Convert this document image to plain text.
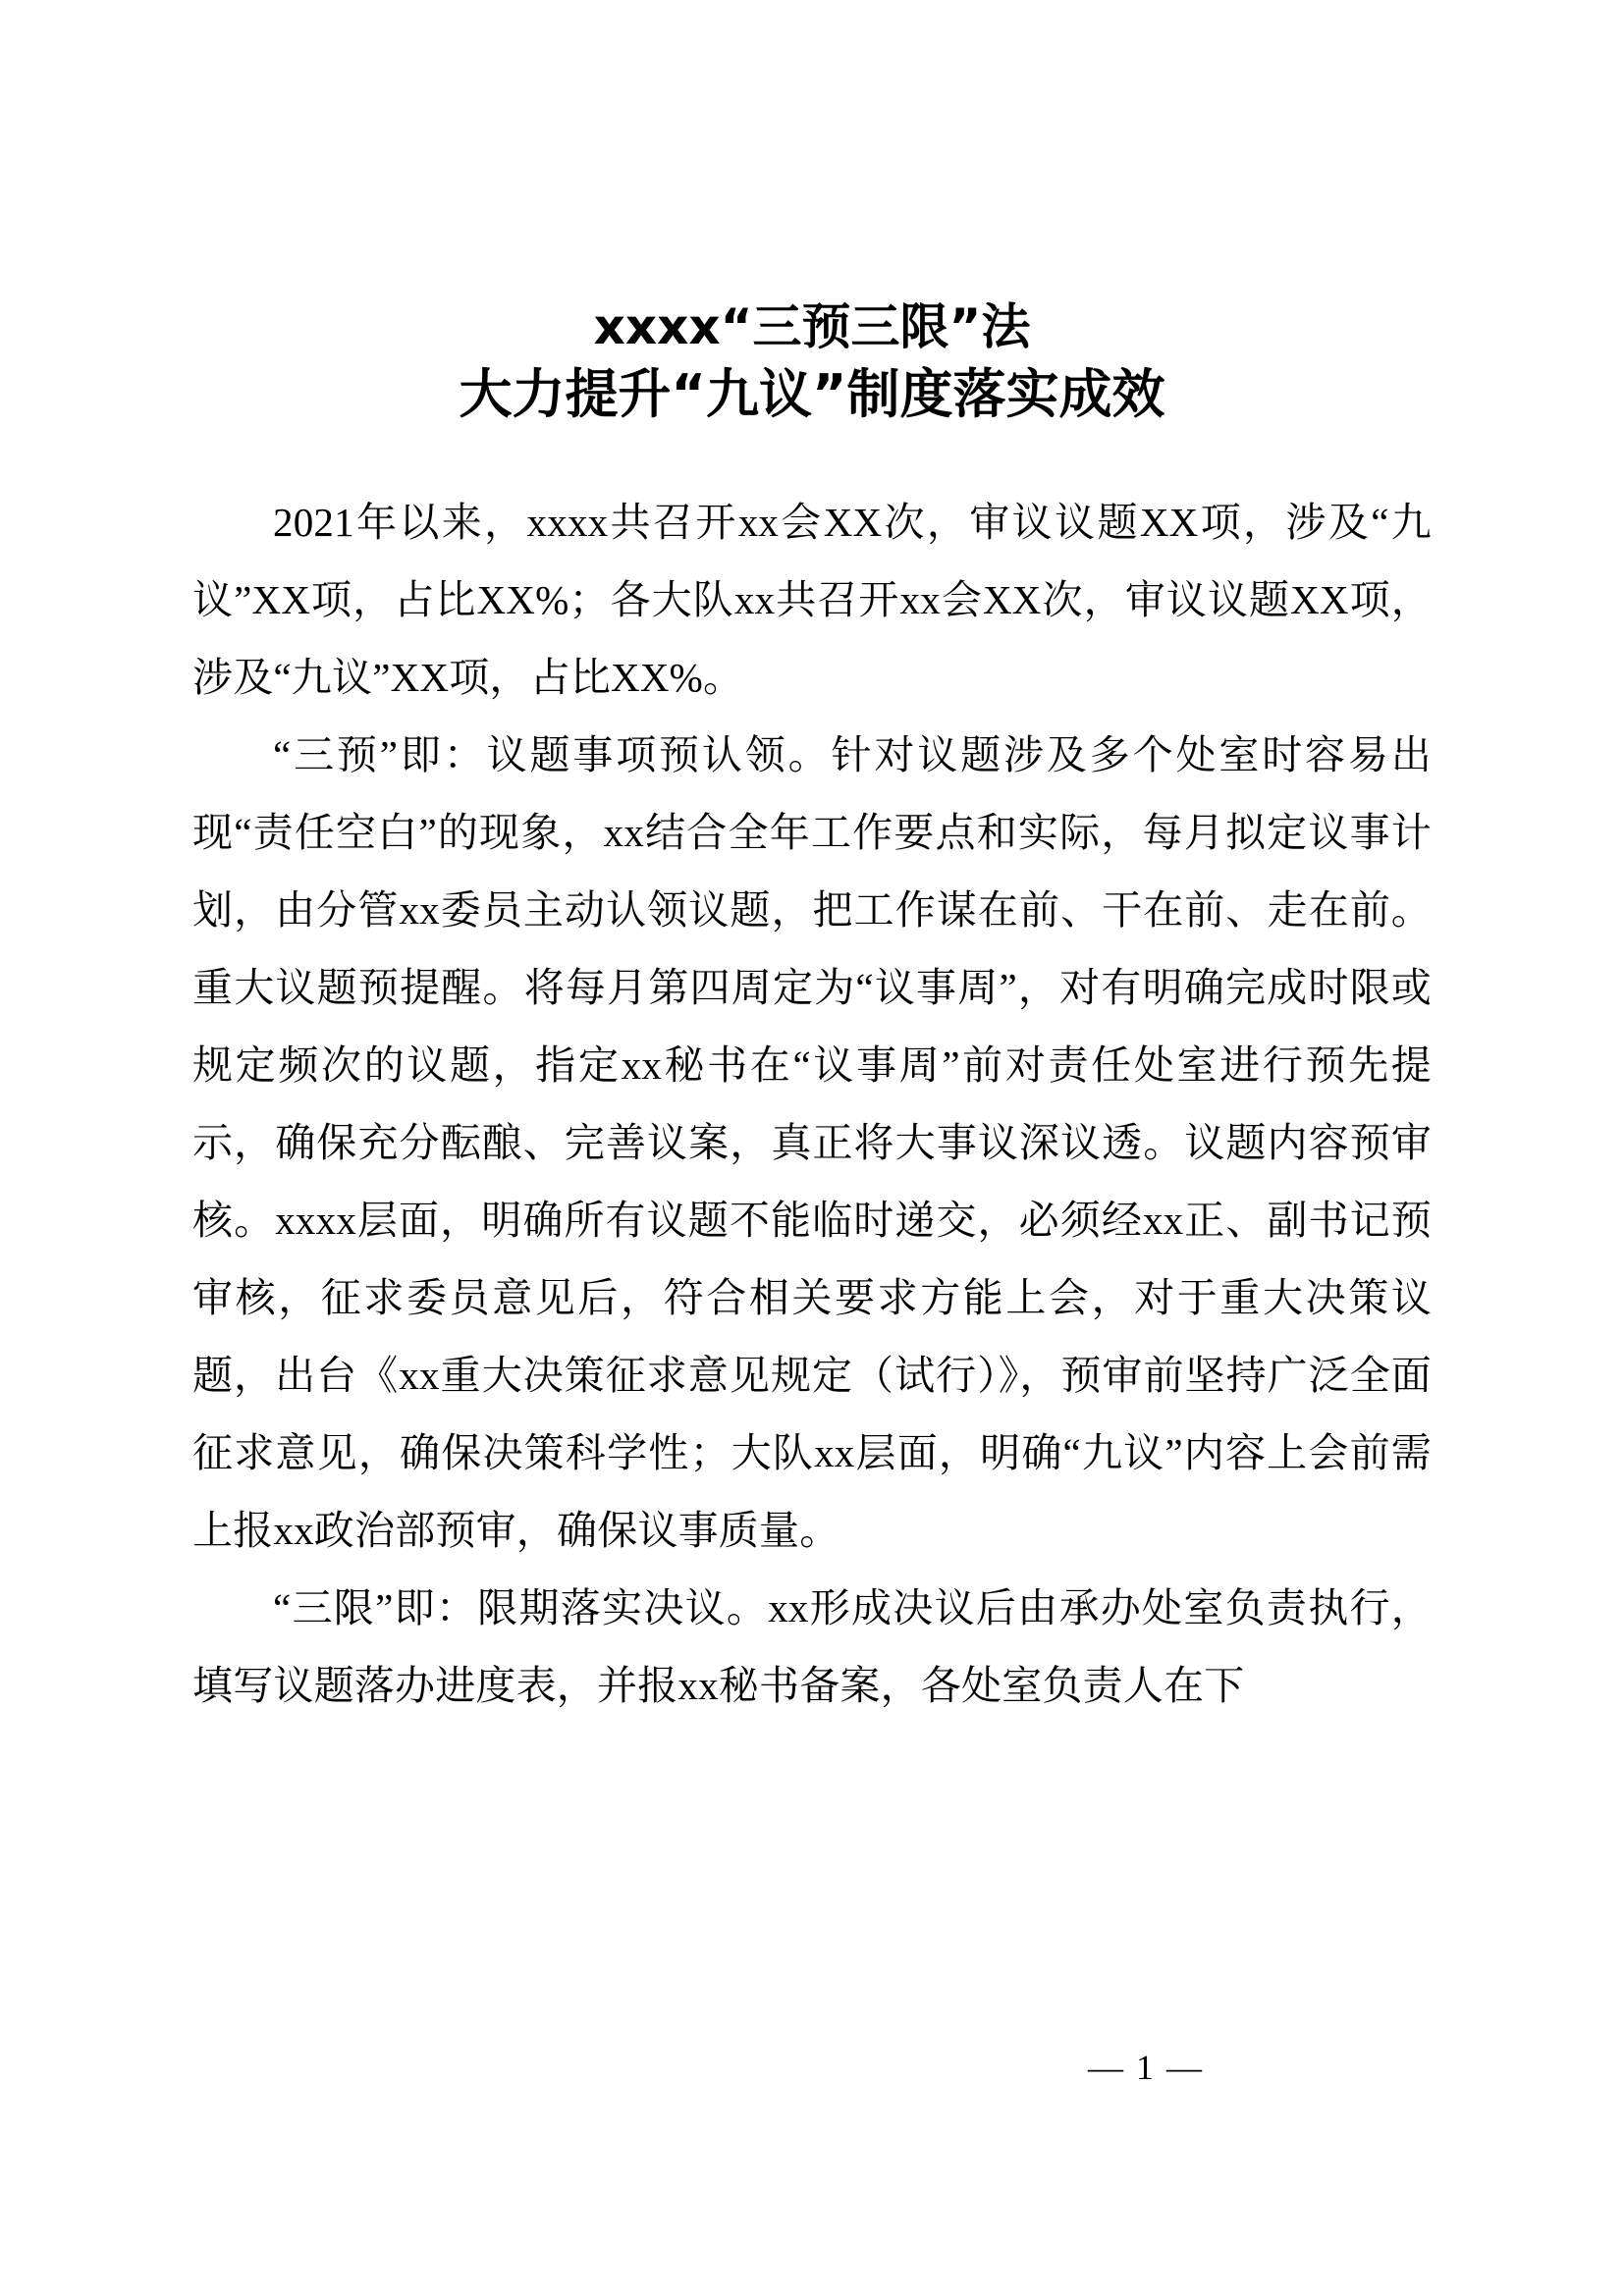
xxxx“三预三限”法
大力提升“九议”制度落实成效

2021年以来，xxxx共召开xx会XX次，审议议题XX项，涉及“九议”XX项，占比XX%；各大队xx共召开xx会XX次，审议议题XX项，涉及“九议”XX项，占比XX%。

“三预”即：议题事项预认领。针对议题涉及多个处室时容易出现“责任空白”的现象，xx结合全年工作要点和实际，每月拟定议事计划，由分管xx委员主动认领议题，把工作谋在前、干在前、走在前。重大议题预提醒。将每月第四周定为“议事周”，对有明确完成时限或规定频次的议题，指定xx秘书在“议事周”前对责任处室进行预先提示，确保充分酝酿、完善议案，真正将大事议深议透。议题内容预审核。xxxx层面，明确所有议题不能临时递交，必须经xx正、副书记预审核，征求委员意见后，符合相关要求方能上会，对于重大决策议题，出台《xx重大决策征求意见规定（试行）》，预审前坚持广泛全面征求意见，确保决策科学性；大队xx层面，明确“九议”内容上会前需上报xx政治部预审，确保议事质量。

“三限”即：限期落实决议。xx形成决议后由承办处室负责执行，填写议题落办进度表，并报xx秘书备案，各处室负责人在下

— 1 —
